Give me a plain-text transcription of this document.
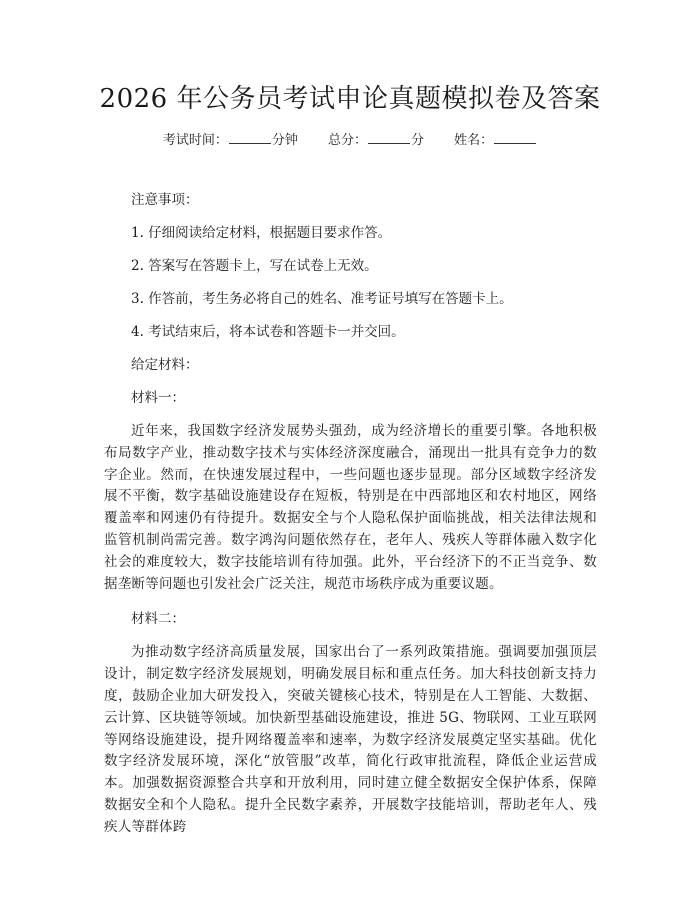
2026 年公务员考试申论真题模拟卷及答案
考试时间：	分钟 总分：	分 姓名：
注意事项：
1. 仔细阅读给定材料，根据题目要求作答。
2. 答案写在答题卡上，写在试卷上无效。
3. 作答前，考生务必将自己的姓名、准考证号填写在答题卡上。
4. 考试结束后，将本试卷和答题卡一并交回。
给定材料：
材料一：

近年来，我国数字经济发展势头强劲，成为经济增长的重要引擎。各地积极布局数字产业，推动数字技术与实体经济深度融合，涌现出一批具有竞争力的数字企业。然而，在快速发展过程中，一些问题也逐步显现。部分区域数字经济发展不平衡，数字基础设施建设存在短板，特别是在中西部地区和农村地区，网络覆盖率和网速仍有待提升。数据安全与个人隐私保护面临挑战，相关法律法规和监管机制尚需完善。数字鸿沟问题依然存在，老年人、残疾人等群体融入数字化社会的难度较大，数字技能培训有待加强。此外，平台经济下的不正当竞争、数据垄断等问题也引发社会广泛关注，规范市场秩序成为重要议题。

材料二：

为推动数字经济高质量发展，国家出台了一系列政策措施。强调要加强顶层设计，制定数字经济发展规划，明确发展目标和重点任务。加大科技创新支持力度，鼓励企业加大研发投入，突破关键核心技术，特别是在人工智能、大数据、云计算、区块链等领域。加快新型基础设施建设，推进 5G、物联网、工业互联网等网络设施建设，提升网络覆盖率和速率，为数字经济发展奠定坚实基础。优化数字经济发展环境，深化“放管服”改革，简化行政审批流程，降低企业运营成本。加强数据资源整合共享和开放利用，同时建立健全数据安全保护体系，保障数据安全和个人隐私。提升全民数字素养，开展数字技能培训，帮助老年人、残疾人等群体跨
